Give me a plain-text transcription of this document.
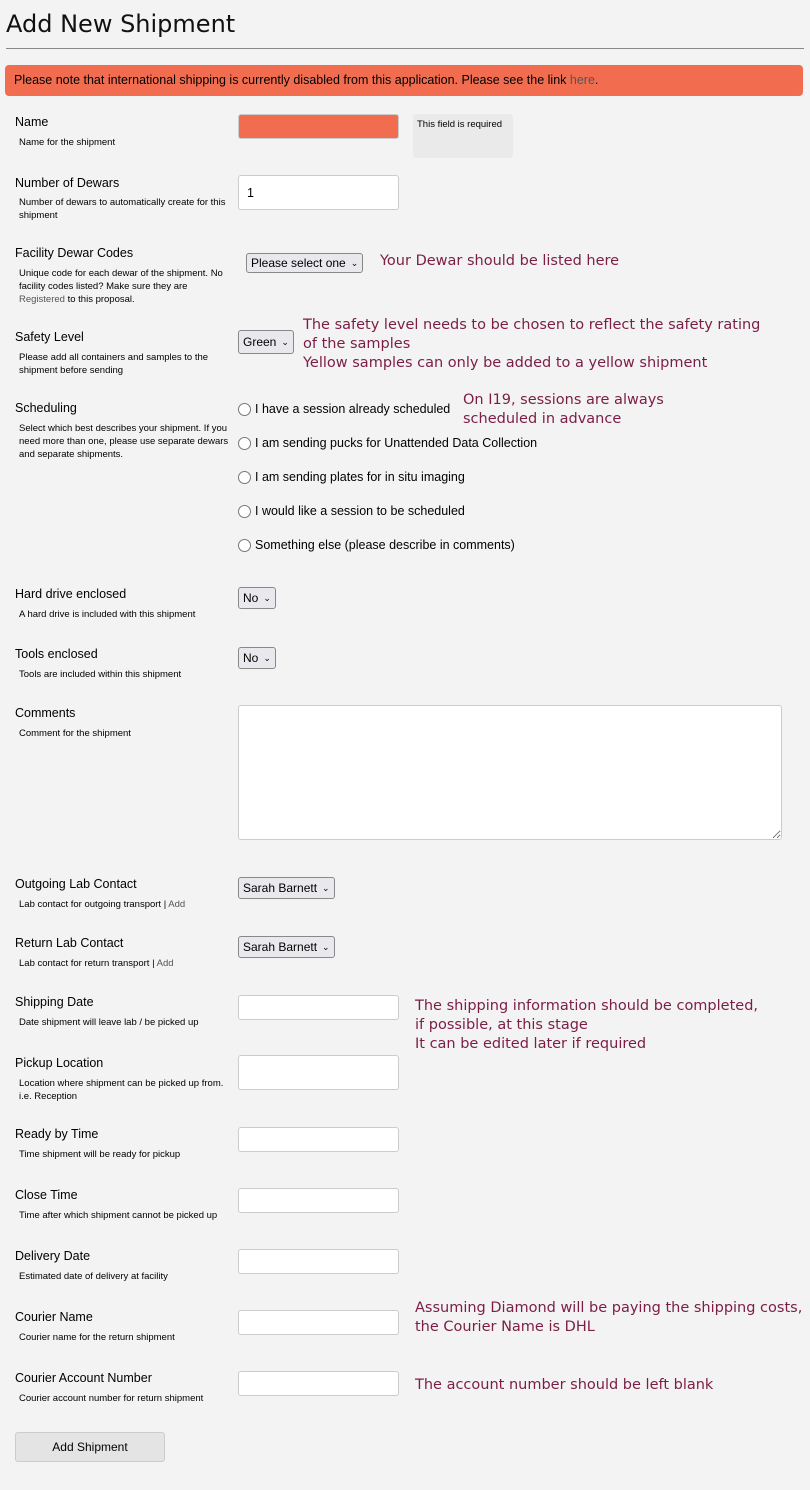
Add New Shipment
Please note that international shipping is currently disabled from this application. Please see the link here.
Name
Name for the shipment
This field is required
Number of Dewars
Number of dewars to automatically create for this shipment
1
Facility Dewar Codes
Unique code for each dewar of the shipment. No facility codes listed? Make sure they are Registered to this proposal.
Please select one ⌄ Your Dewar should be listed here
Safety Level
Please add all containers and samples to the shipment before sending
Green ⌄
The safety level needs to be chosen to reflect the safety rating
of the samples
Yellow samples can only be added to a yellow shipment
Scheduling
Select which best describes your shipment. If you need more than one, please use separate dewars and separate shipments.
I have a session already scheduled
I am sending pucks for Unattended Data Collection
I am sending plates for in situ imaging
I would like a session to be scheduled
Something else (please describe in comments)
On I19, sessions are always
scheduled in advance
Hard drive enclosed
A hard drive is included with this shipment
No ⌄
Tools enclosed
Tools are included within this shipment
No ⌄
Comments
Comment for the shipment
Outgoing Lab Contact
Lab contact for outgoing transport | Add
Sarah Barnett ⌄
Return Lab Contact
Lab contact for return transport | Add
Sarah Barnett ⌄
Shipping Date
Date shipment will leave lab / be picked up
The shipping information should be completed,
if possible, at this stage
It can be edited later if required
Pickup Location
Location where shipment can be picked up from. i.e. Reception
Ready by Time
Time shipment will be ready for pickup
Close Time
Time after which shipment cannot be picked up
Delivery Date
Estimated date of delivery at facility
Courier Name
Courier name for the return shipment
Assuming Diamond will be paying the shipping costs,
the Courier Name is DHL
Courier Account Number
Courier account number for return shipment
The account number should be left blank
Add Shipment
